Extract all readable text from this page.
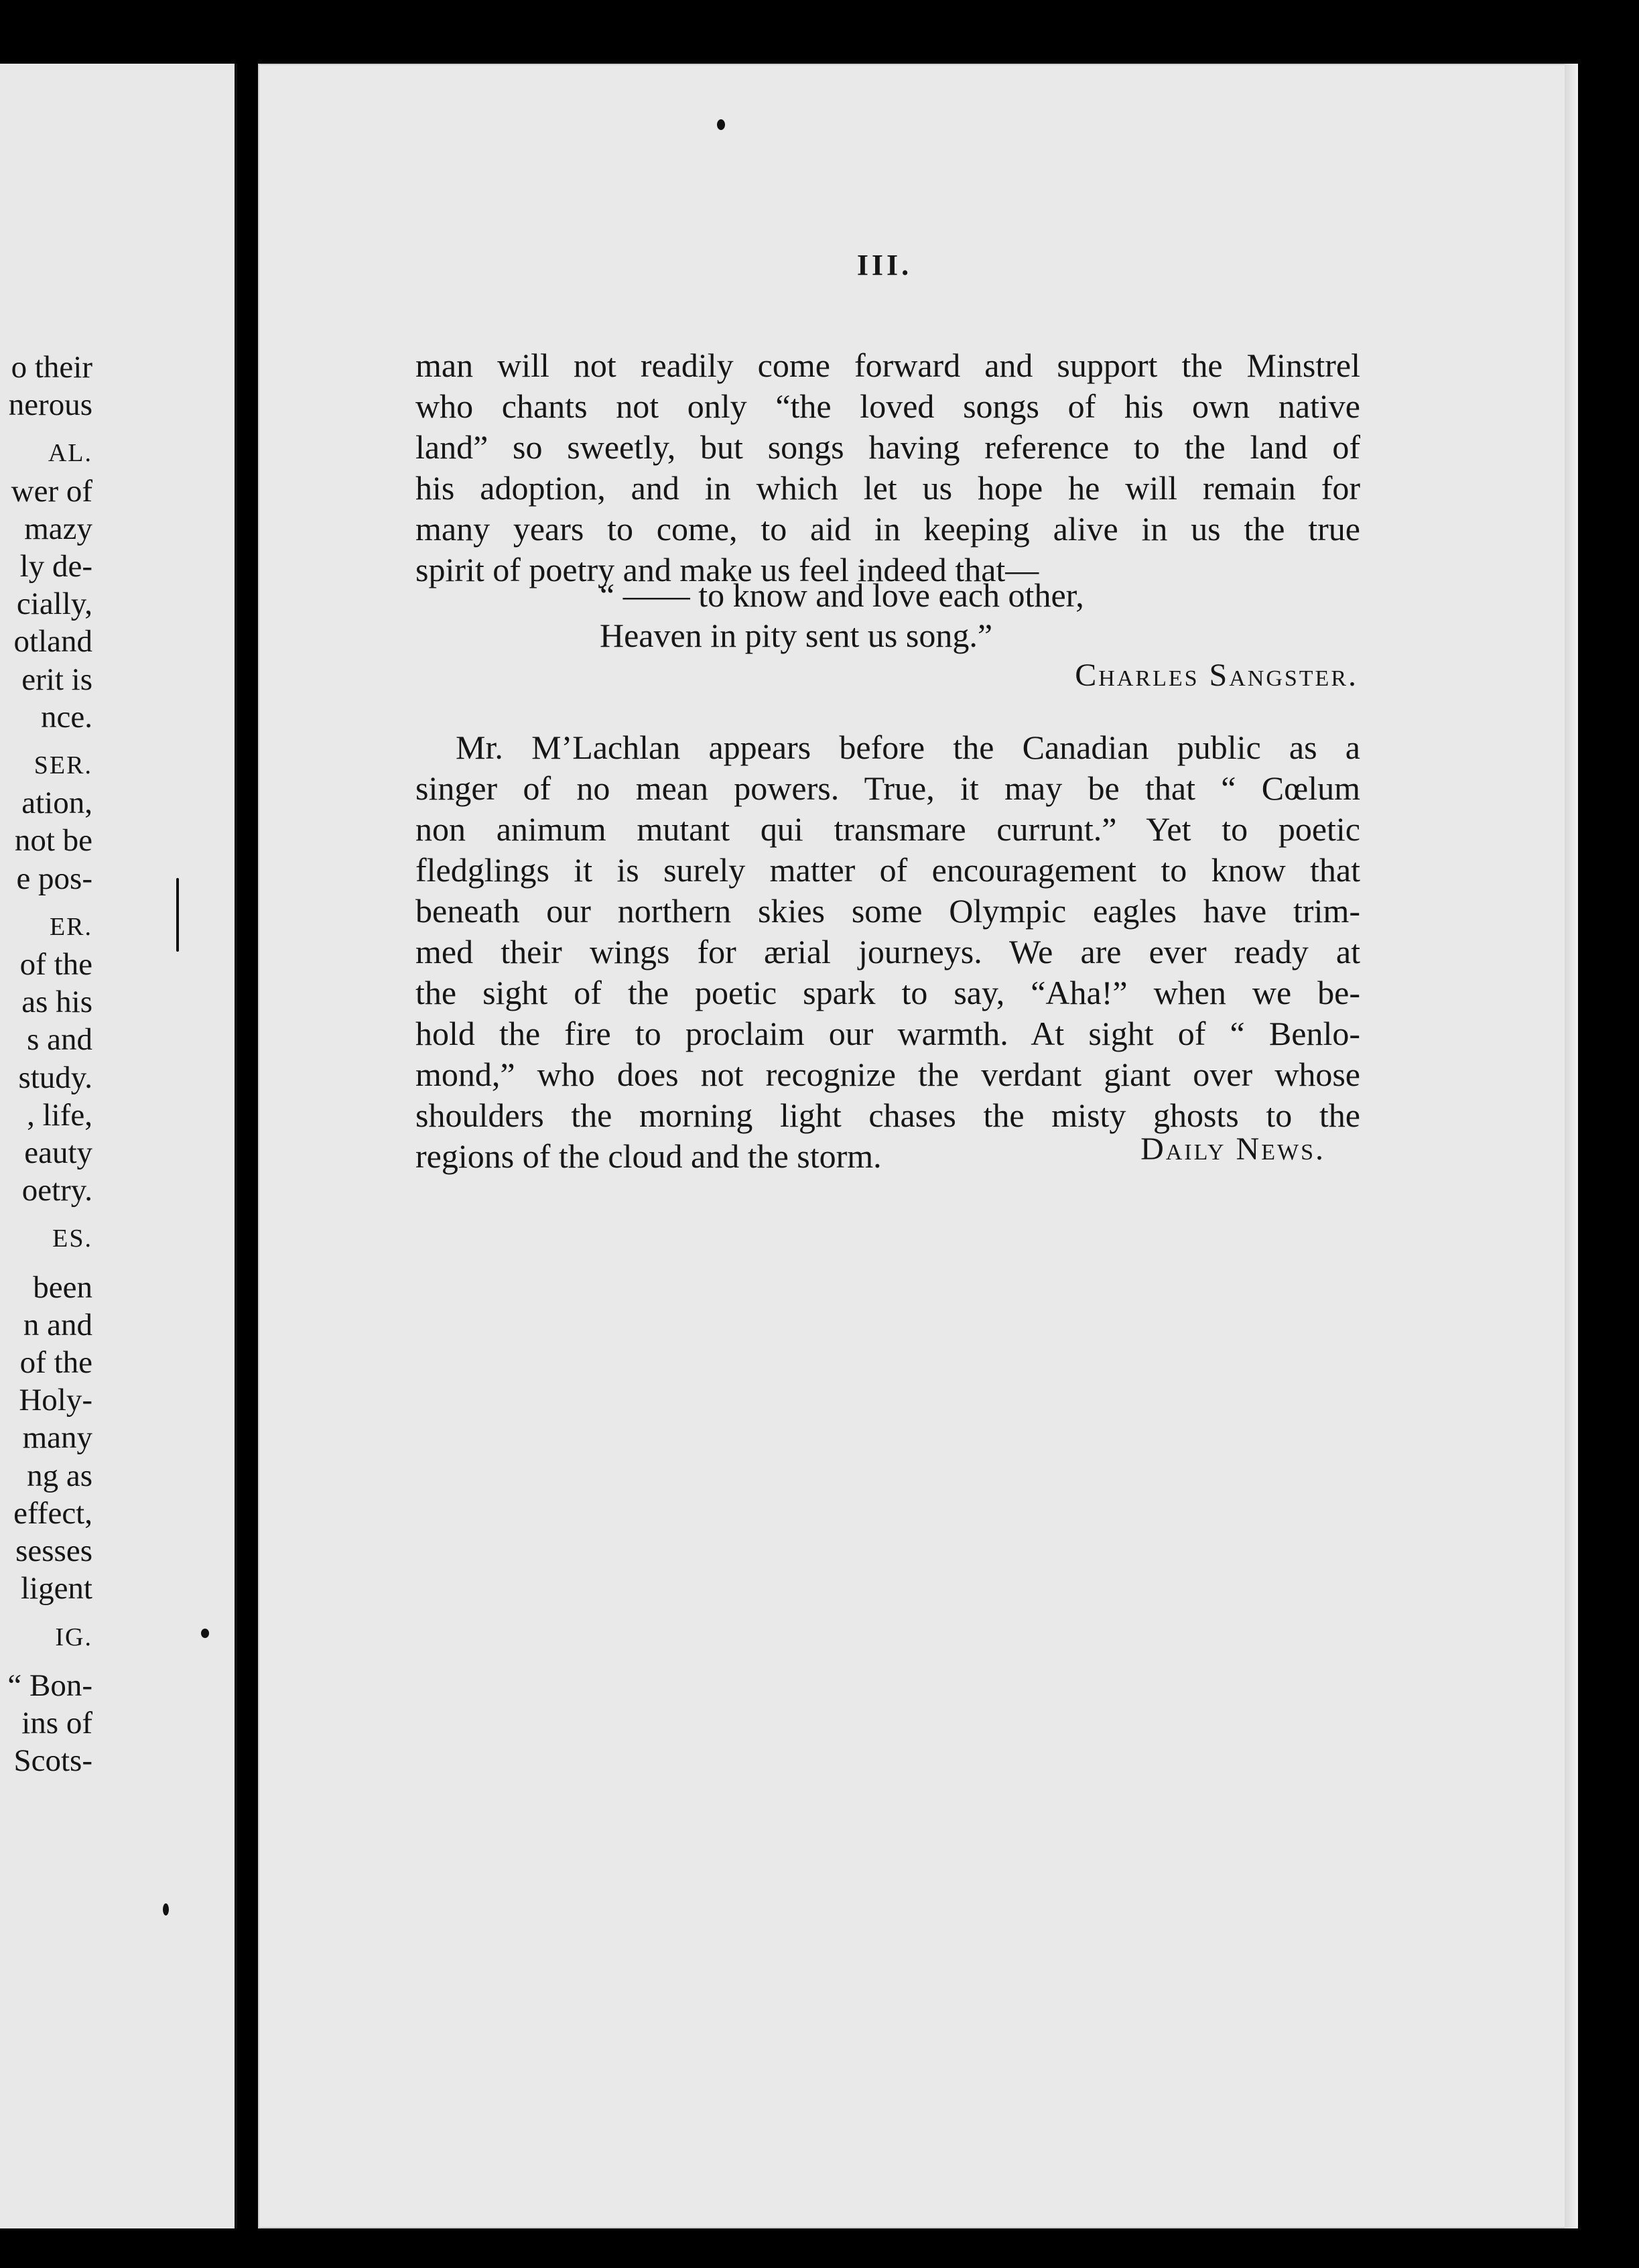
o their
nerous
AL.
wer of
mazy
ly de-
cially,
otland
erit is
nce.
SER.
ation,
not be
e pos-
ER.
of the
as his
s and
study.
, life,
eauty
oetry.
ES.
been
n and
of the
Holy-
many
ng as
effect,
sesses
ligent
IG.
“ Bon-
ins of
Scots-
III.
man will not readily come forward and support the Minstrel
who chants not only “the loved songs of his own native
land” so sweetly, but songs having reference to the land of
his adoption, and in which let us hope he will remain for
many years to come, to aid in keeping alive in us the true
spirit of poetry and make us feel indeed that—
“ —— to know and love each other,
Heaven in pity sent us song.”
Charles Sangster.
Mr. M’Lachlan appears before the Canadian public as a
singer of no mean powers. True, it may be that “ Cœlum
non animum mutant qui transmare currunt.” Yet to poetic
fledglings it is surely matter of encouragement to know that
beneath our northern skies some Olympic eagles have trim-
med their wings for ærial journeys. We are ever ready at
the sight of the poetic spark to say, “Aha!” when we be-
hold the fire to proclaim our warmth. At sight of “ Benlo-
mond,” who does not recognize the verdant giant over whose
shoulders the morning light chases the misty ghosts to the
regions of the cloud and the storm.	Daily News.
